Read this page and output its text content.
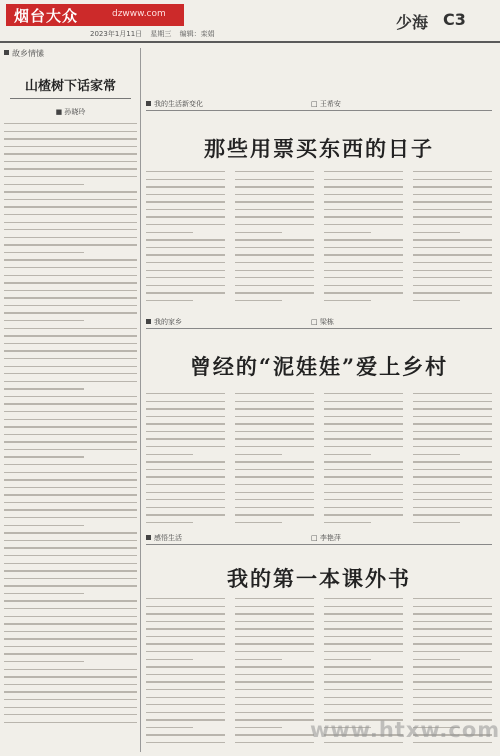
烟台大众	dzwww.com
2023年1月11日 星期三 编辑：栾娟
少海 C3
故乡情愫
山楂树下话家常
■ 孙晓玲
我的生活新变化	□ 王希安
那些用票买东西的日子
我的家乡	□ 梁栋
曾经的“泥娃娃”爱上乡村
感悟生活	□ 李艳萍
我的第一本课外书
www.htxw.com
